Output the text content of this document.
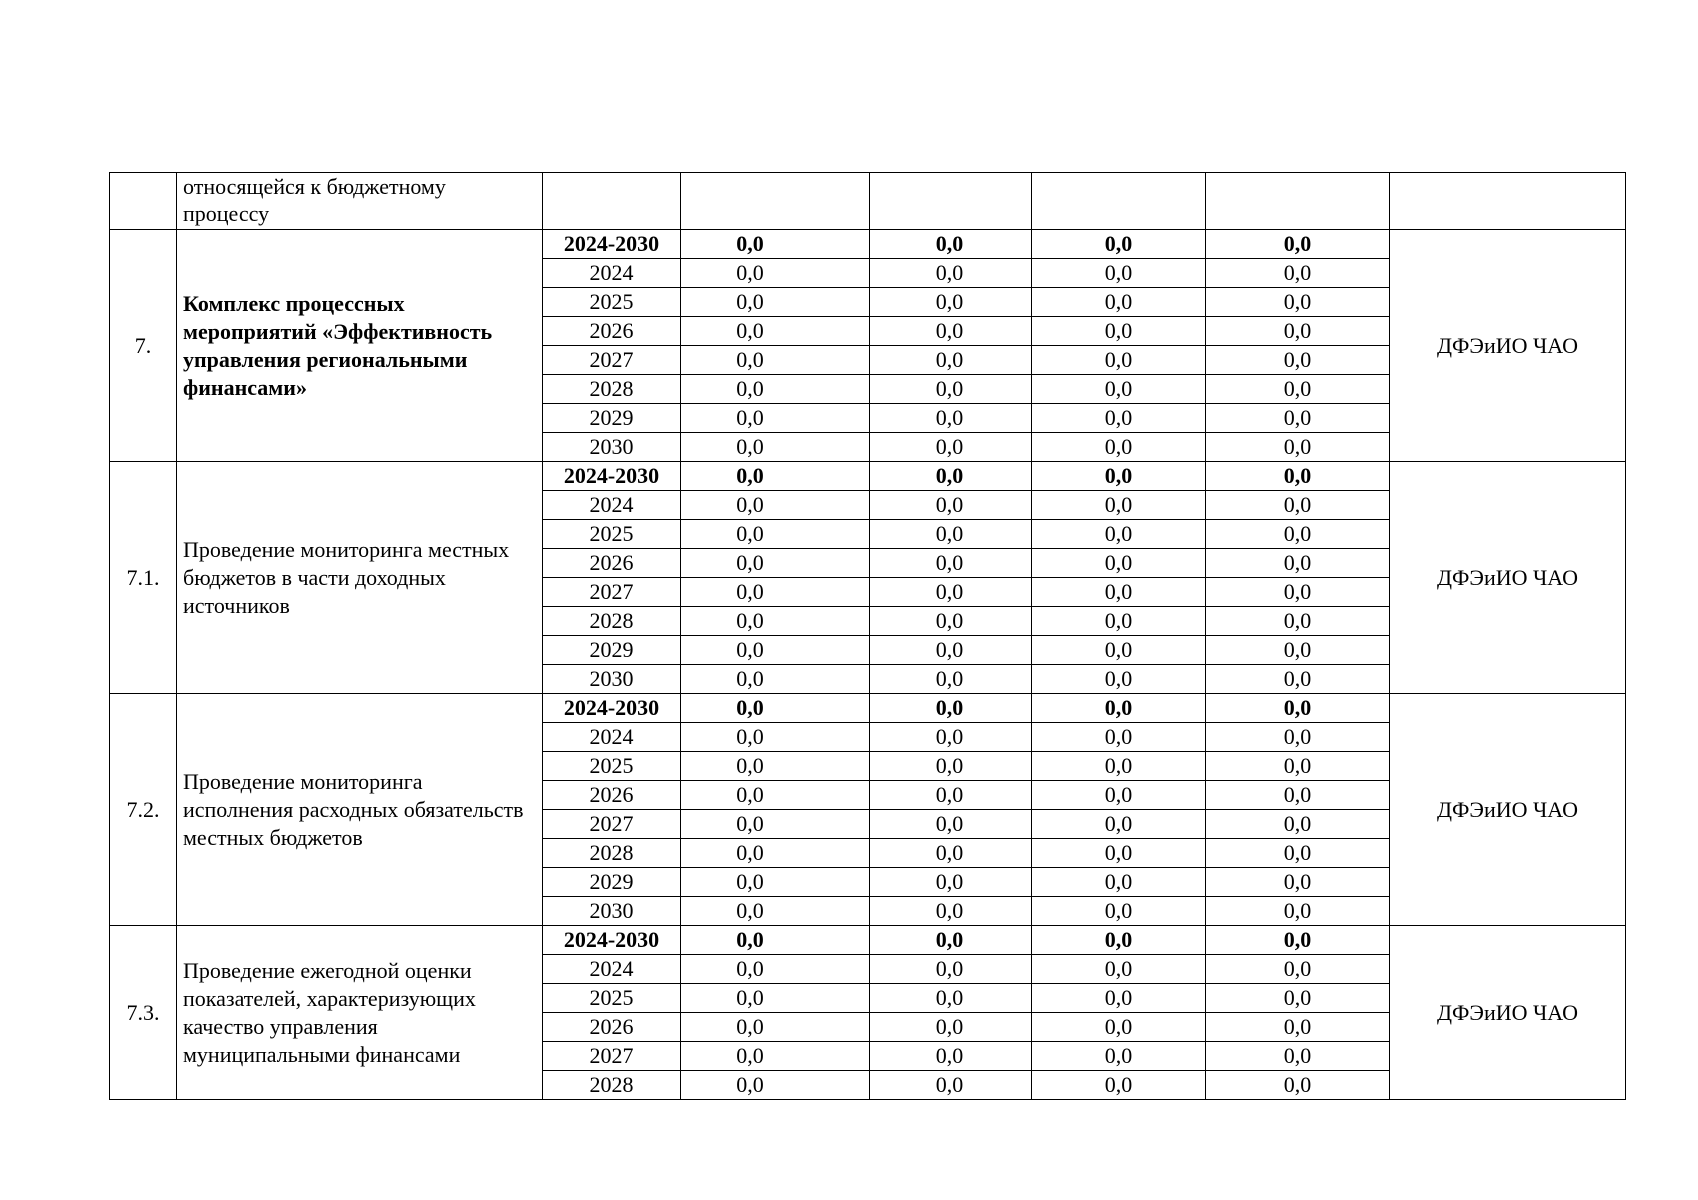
	относящейся к бюджетному процессу						
7.	Комплекс процессных мероприятий «Эффективность управления региональными финансами»	2024-2030	0,0	0,0	0,0	0,0	ДФЭиИО ЧАО
		2024	0,0	0,0	0,0	0,0	
		2025	0,0	0,0	0,0	0,0	
		2026	0,0	0,0	0,0	0,0	
		2027	0,0	0,0	0,0	0,0	
		2028	0,0	0,0	0,0	0,0	
		2029	0,0	0,0	0,0	0,0	
		2030	0,0	0,0	0,0	0,0	
7.1.	Проведение мониторинга местных бюджетов в части доходных источников	2024-2030	0,0	0,0	0,0	0,0	ДФЭиИО ЧАО
		2024	0,0	0,0	0,0	0,0	
		2025	0,0	0,0	0,0	0,0	
		2026	0,0	0,0	0,0	0,0	
		2027	0,0	0,0	0,0	0,0	
		2028	0,0	0,0	0,0	0,0	
		2029	0,0	0,0	0,0	0,0	
		2030	0,0	0,0	0,0	0,0	
7.2.	Проведение мониторинга исполнения расходных обязательств местных бюджетов	2024-2030	0,0	0,0	0,0	0,0	ДФЭиИО ЧАО
		2024	0,0	0,0	0,0	0,0	
		2025	0,0	0,0	0,0	0,0	
		2026	0,0	0,0	0,0	0,0	
		2027	0,0	0,0	0,0	0,0	
		2028	0,0	0,0	0,0	0,0	
		2029	0,0	0,0	0,0	0,0	
		2030	0,0	0,0	0,0	0,0	
7.3.	Проведение ежегодной оценки показателей, характеризующих качество управления муниципальными финансами	2024-2030	0,0	0,0	0,0	0,0	ДФЭиИО ЧАО
		2024	0,0	0,0	0,0	0,0	
		2025	0,0	0,0	0,0	0,0	
		2026	0,0	0,0	0,0	0,0	
		2027	0,0	0,0	0,0	0,0	
		2028	0,0	0,0	0,0	0,0	
